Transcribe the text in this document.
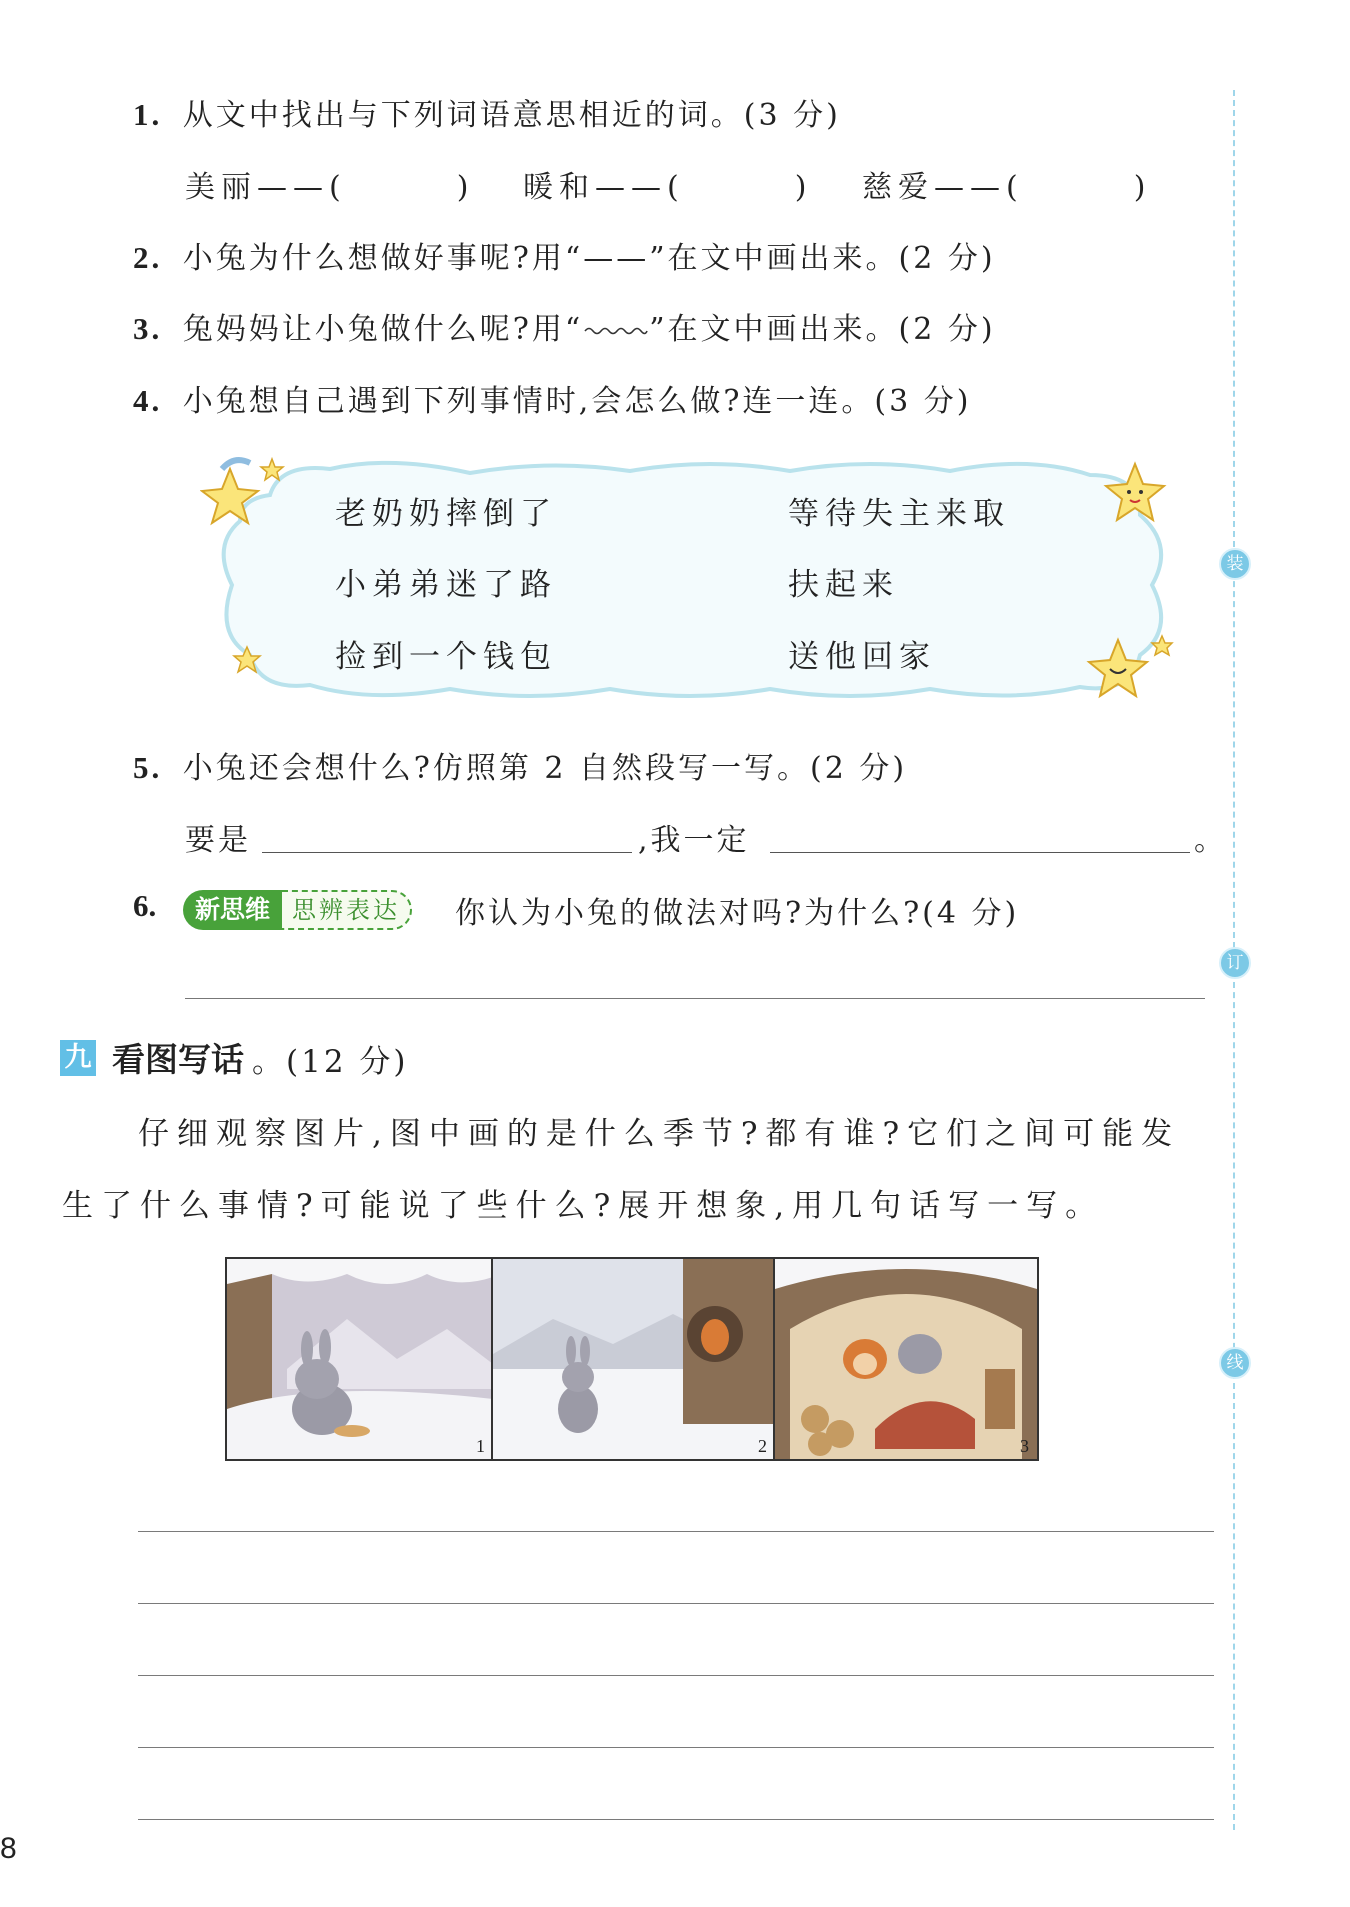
装
订
线
1. 从文中找出与下列词语意思相近的词。(3 分)
美丽——(	) 暖和——(	) 慈爱——(	)
2. 小兔为什么想做好事呢?用“——”在文中画出来。(2 分)
3. 兔妈妈让小兔做什么呢?用“ ”在文中画出来。(2 分)
4. 小兔想自己遇到下列事情时,会怎么做?连一连。(3 分)
老奶奶摔倒了
小弟弟迷了路
捡到一个钱包
等待失主来取
扶起来
送他回家
5. 小兔还会想什么?仿照第 2 自然段写一写。(2 分)
要是	,我一定	。
6.	新思维 思辨表达	你认为小兔的做法对吗?为什么?(4 分)
九 看图写话 。(12 分)
仔细观察图片,图中画的是什么季节?都有谁?它们之间可能发
生了什么事情?可能说了些什么?展开想象,用几句话写一写。
1	2	3
8
